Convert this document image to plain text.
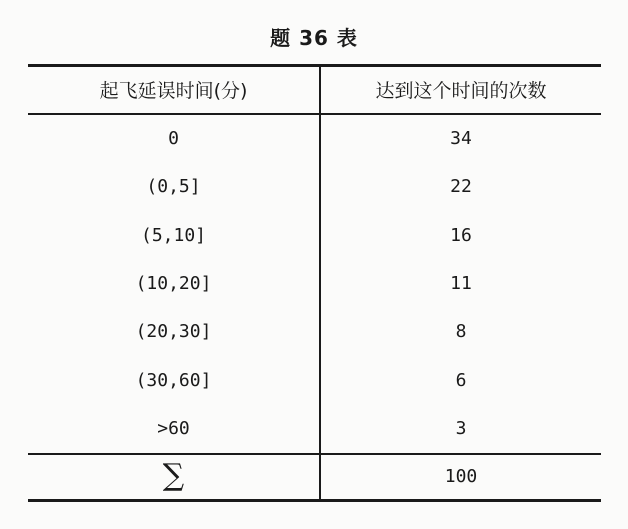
题 36 表
起飞延误时间(分)	达到这个时间的次数
0	34
(0,5]	22
(5,10]	16
(10,20]	11
(20,30]	8
(30,60]	6
>60	3
∑	100
